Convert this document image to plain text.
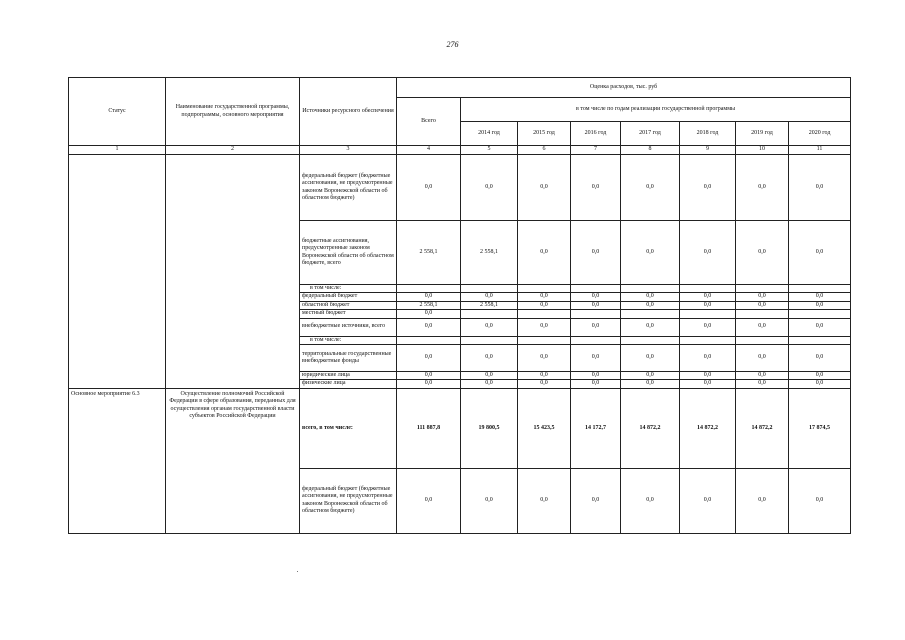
276
Статус	Наименование государственной программы, подпрограммы, основного мероприятия	Источники ресурсного обеспечения	Оценка расходов, тыс. руб							
			Всего	в том числе по годам реализации государственной программы						
				2014 год	2015 год	2016 год	2017 год	2018 год	2019 год	2020 год
1	2	3	4	5	6	7	8	9	10	11
		федеральный бюджет (бюджетные ассигнования, не предусмотренные законом Воронежской области об областном бюджете)	0,0	0,0	0,0	0,0	0,0	0,0	0,0	0,0
		бюджетные ассигнования, предусмотренные законом Воронежской области об областном бюджете, всего	2 558,1	2 558,1	0,0	0,0	0,0	0,0	0,0	0,0
		в том числе:								
		федеральный бюджет	0,0	0,0	0,0	0,0	0,0	0,0	0,0	0,0
		областной бюджет	2 558,1	2 558,1	0,0	0,0	0,0	0,0	0,0	0,0
		местный бюджет	0,0							
		внебюджетные источники, всего	0,0	0,0	0,0	0,0	0,0	0,0	0,0	0,0
		в том числе:								
		территориальные государственные внебюджетные фонды	0,0	0,0	0,0	0,0	0,0	0,0	0,0	0,0
		юридические лица	0,0	0,0	0,0	0,0	0,0	0,0	0,0	0,0
		физические лица	0,0	0,0	0,0	0,0	0,0	0,0	0,0	0,0
Основное мероприятие 6.3	Осуществление полномочий Российской Федерации в сфере образования, переданных для осуществления органам государственной власти субъектов Российской Федерации	всего, в том числе:	111 887,8	19 800,5	15 423,5	14 172,7	14 872,2	14 872,2	14 872,2	17 874,5
		федеральный бюджет (бюджетные ассигнования, не предусмотренные законом Воронежской области об областном бюджете)	0,0	0,0	0,0	0,0	0,0	0,0	0,0	0,0
